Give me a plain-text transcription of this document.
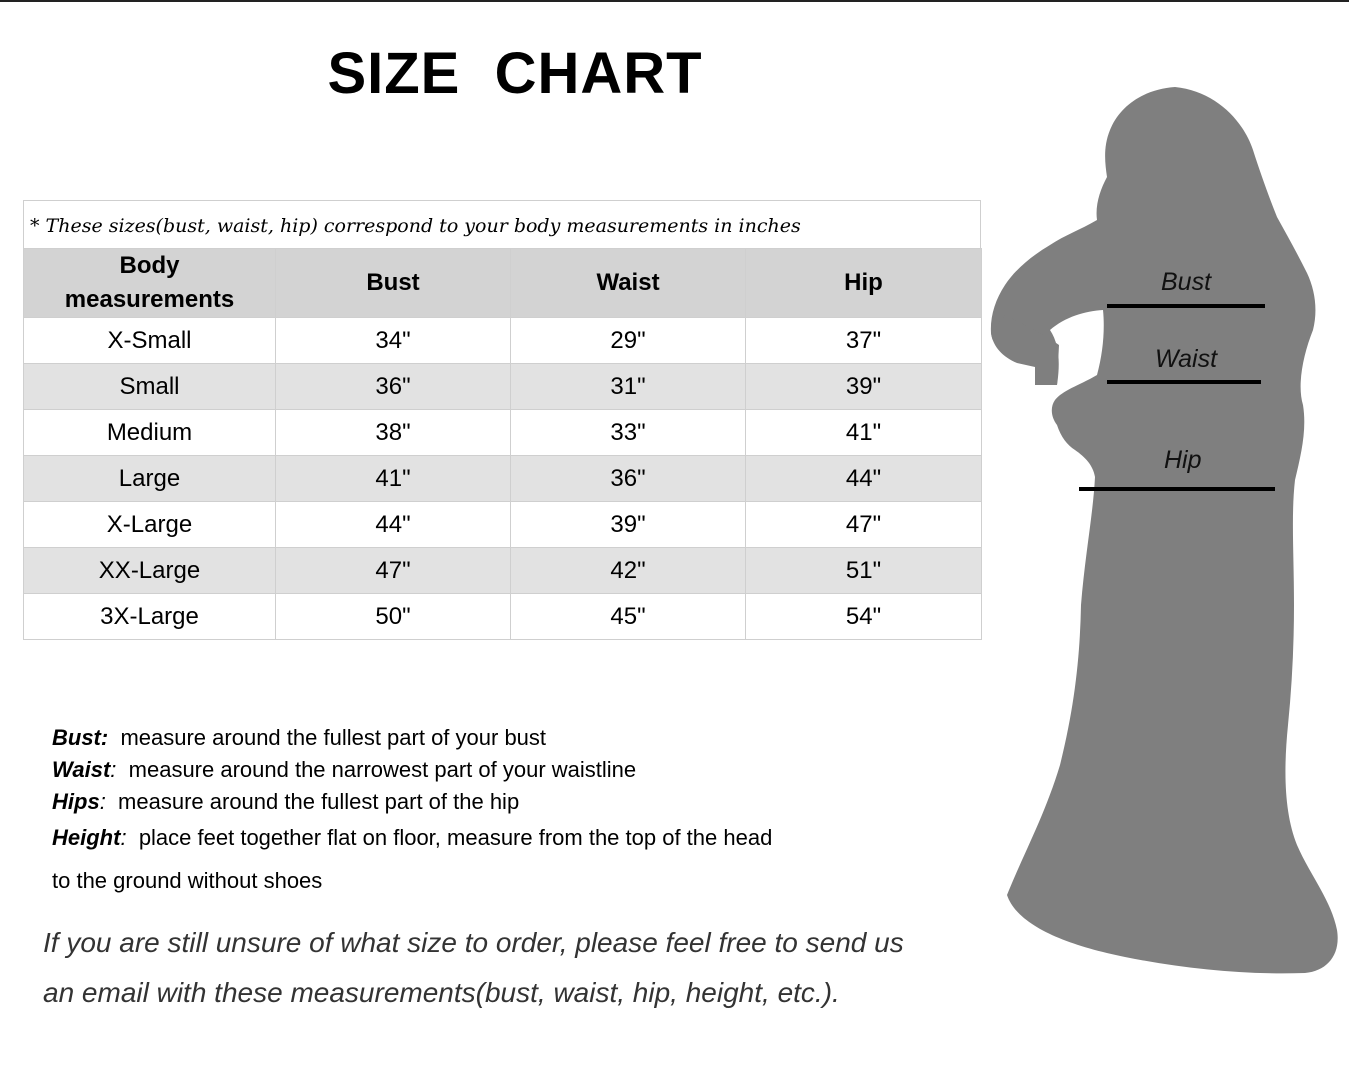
SIZE  CHART
* These sizes(bust, waist, hip) correspond to your body measurements in inches
Body
measurements	Bust	Waist	Hip
X-Small	34"	29"	37"
Small	36"	31"	39"
Medium	38"	33"	41"
Large	41"	36"	44"
X-Large	44"	39"	47"
XX-Large	47"	42"	51"
3X-Large	50"	45"	54"
Bust: measure around the fullest part of your bust
Waist: measure around the narrowest part of your waistline
Hips: measure around the fullest part of the hip
Height: place feet together flat on floor, measure from the top of the head
to the ground without shoes
If you are still unsure of what size to order, please feel free to send us
an email with these measurements(bust, waist, hip, height, etc.).
Bust
Waist
Hip
